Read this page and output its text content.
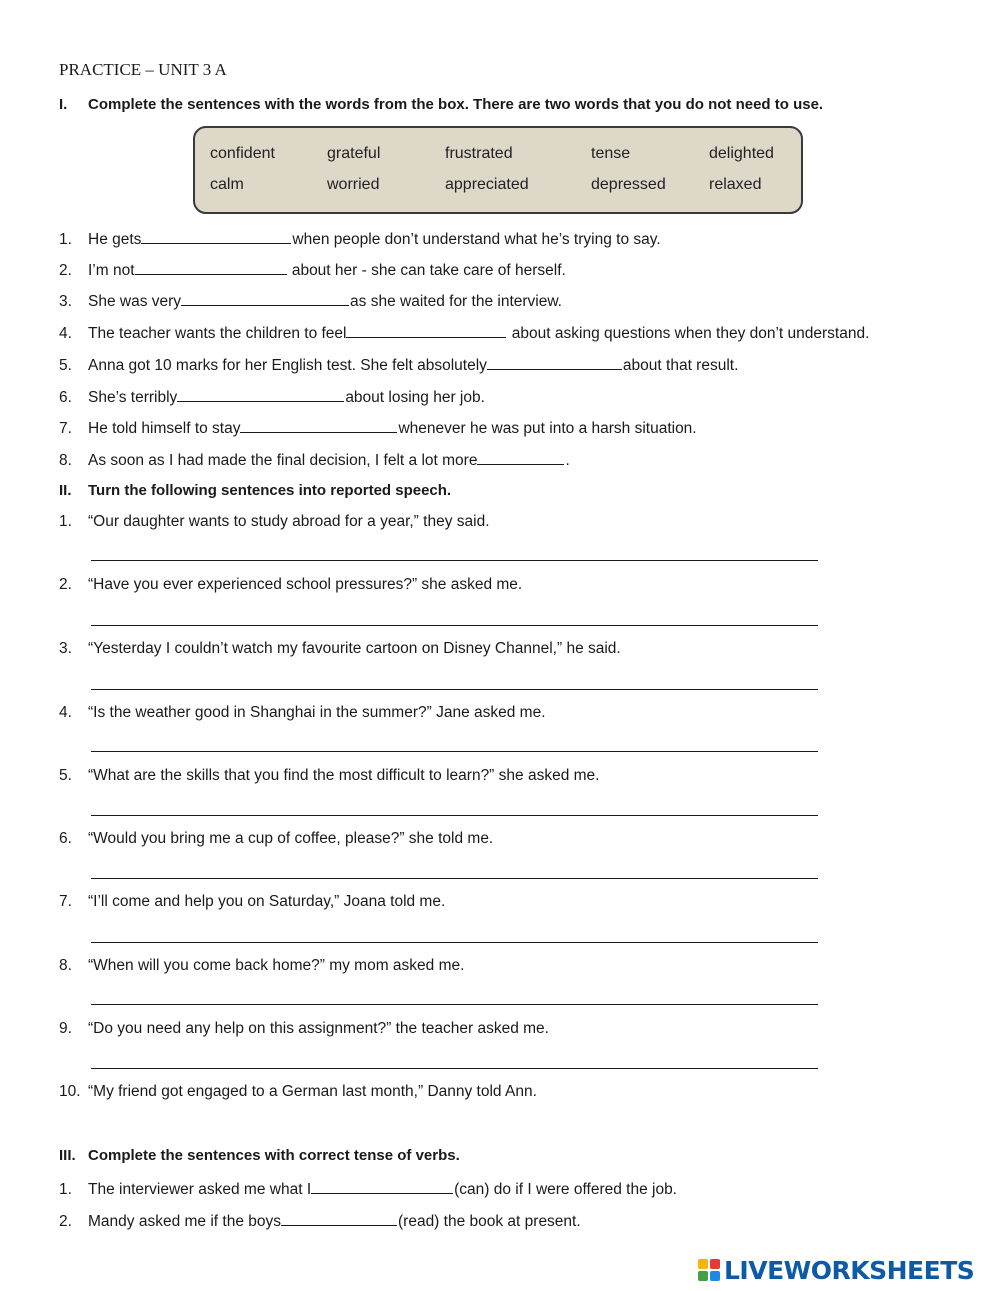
PRACTICE – UNIT 3 A
I. Complete the sentences with the words from the box. There are two words that you do not need to use.
confident	grateful	frustrated	tense	delighted
calm	worried	appreciated	depressed	relaxed
1. He gets	when people don’t understand what he’s trying to say.
2. I’m not	about her - she can take care of herself.
3. She was very	as she waited for the interview.
4. The teacher wants the children to feel	about asking questions when they don’t understand.
5. Anna got 10 marks for her English test. She felt absolutely	about that result.
6. She’s terribly	about losing her job.
7. He told himself to stay	whenever he was put into a harsh situation.
8. As soon as I had made the final decision, I felt a lot more	.
II. Turn the following sentences into reported speech.
1. “Our daughter wants to study abroad for a year,” they said.
2. “Have you ever experienced school pressures?” she asked me.
3. “Yesterday I couldn’t watch my favourite cartoon on Disney Channel,” he said.
4. “Is the weather good in Shanghai in the summer?” Jane asked me.
5. “What are the skills that you find the most difficult to learn?” she asked me.
6. “Would you bring me a cup of coffee, please?” she told me.
7. “I’ll come and help you on Saturday,” Joana told me.
8. “When will you come back home?” my mom asked me.
9. “Do you need any help on this assignment?” the teacher asked me.
10. “My friend got engaged to a German last month,” Danny told Ann.
III. Complete the sentences with correct tense of verbs.
1. The interviewer asked me what I	(can) do if I were offered the job.
2. Mandy asked me if the boys	(read) the book at present.
LIVEWORKSHEETS
